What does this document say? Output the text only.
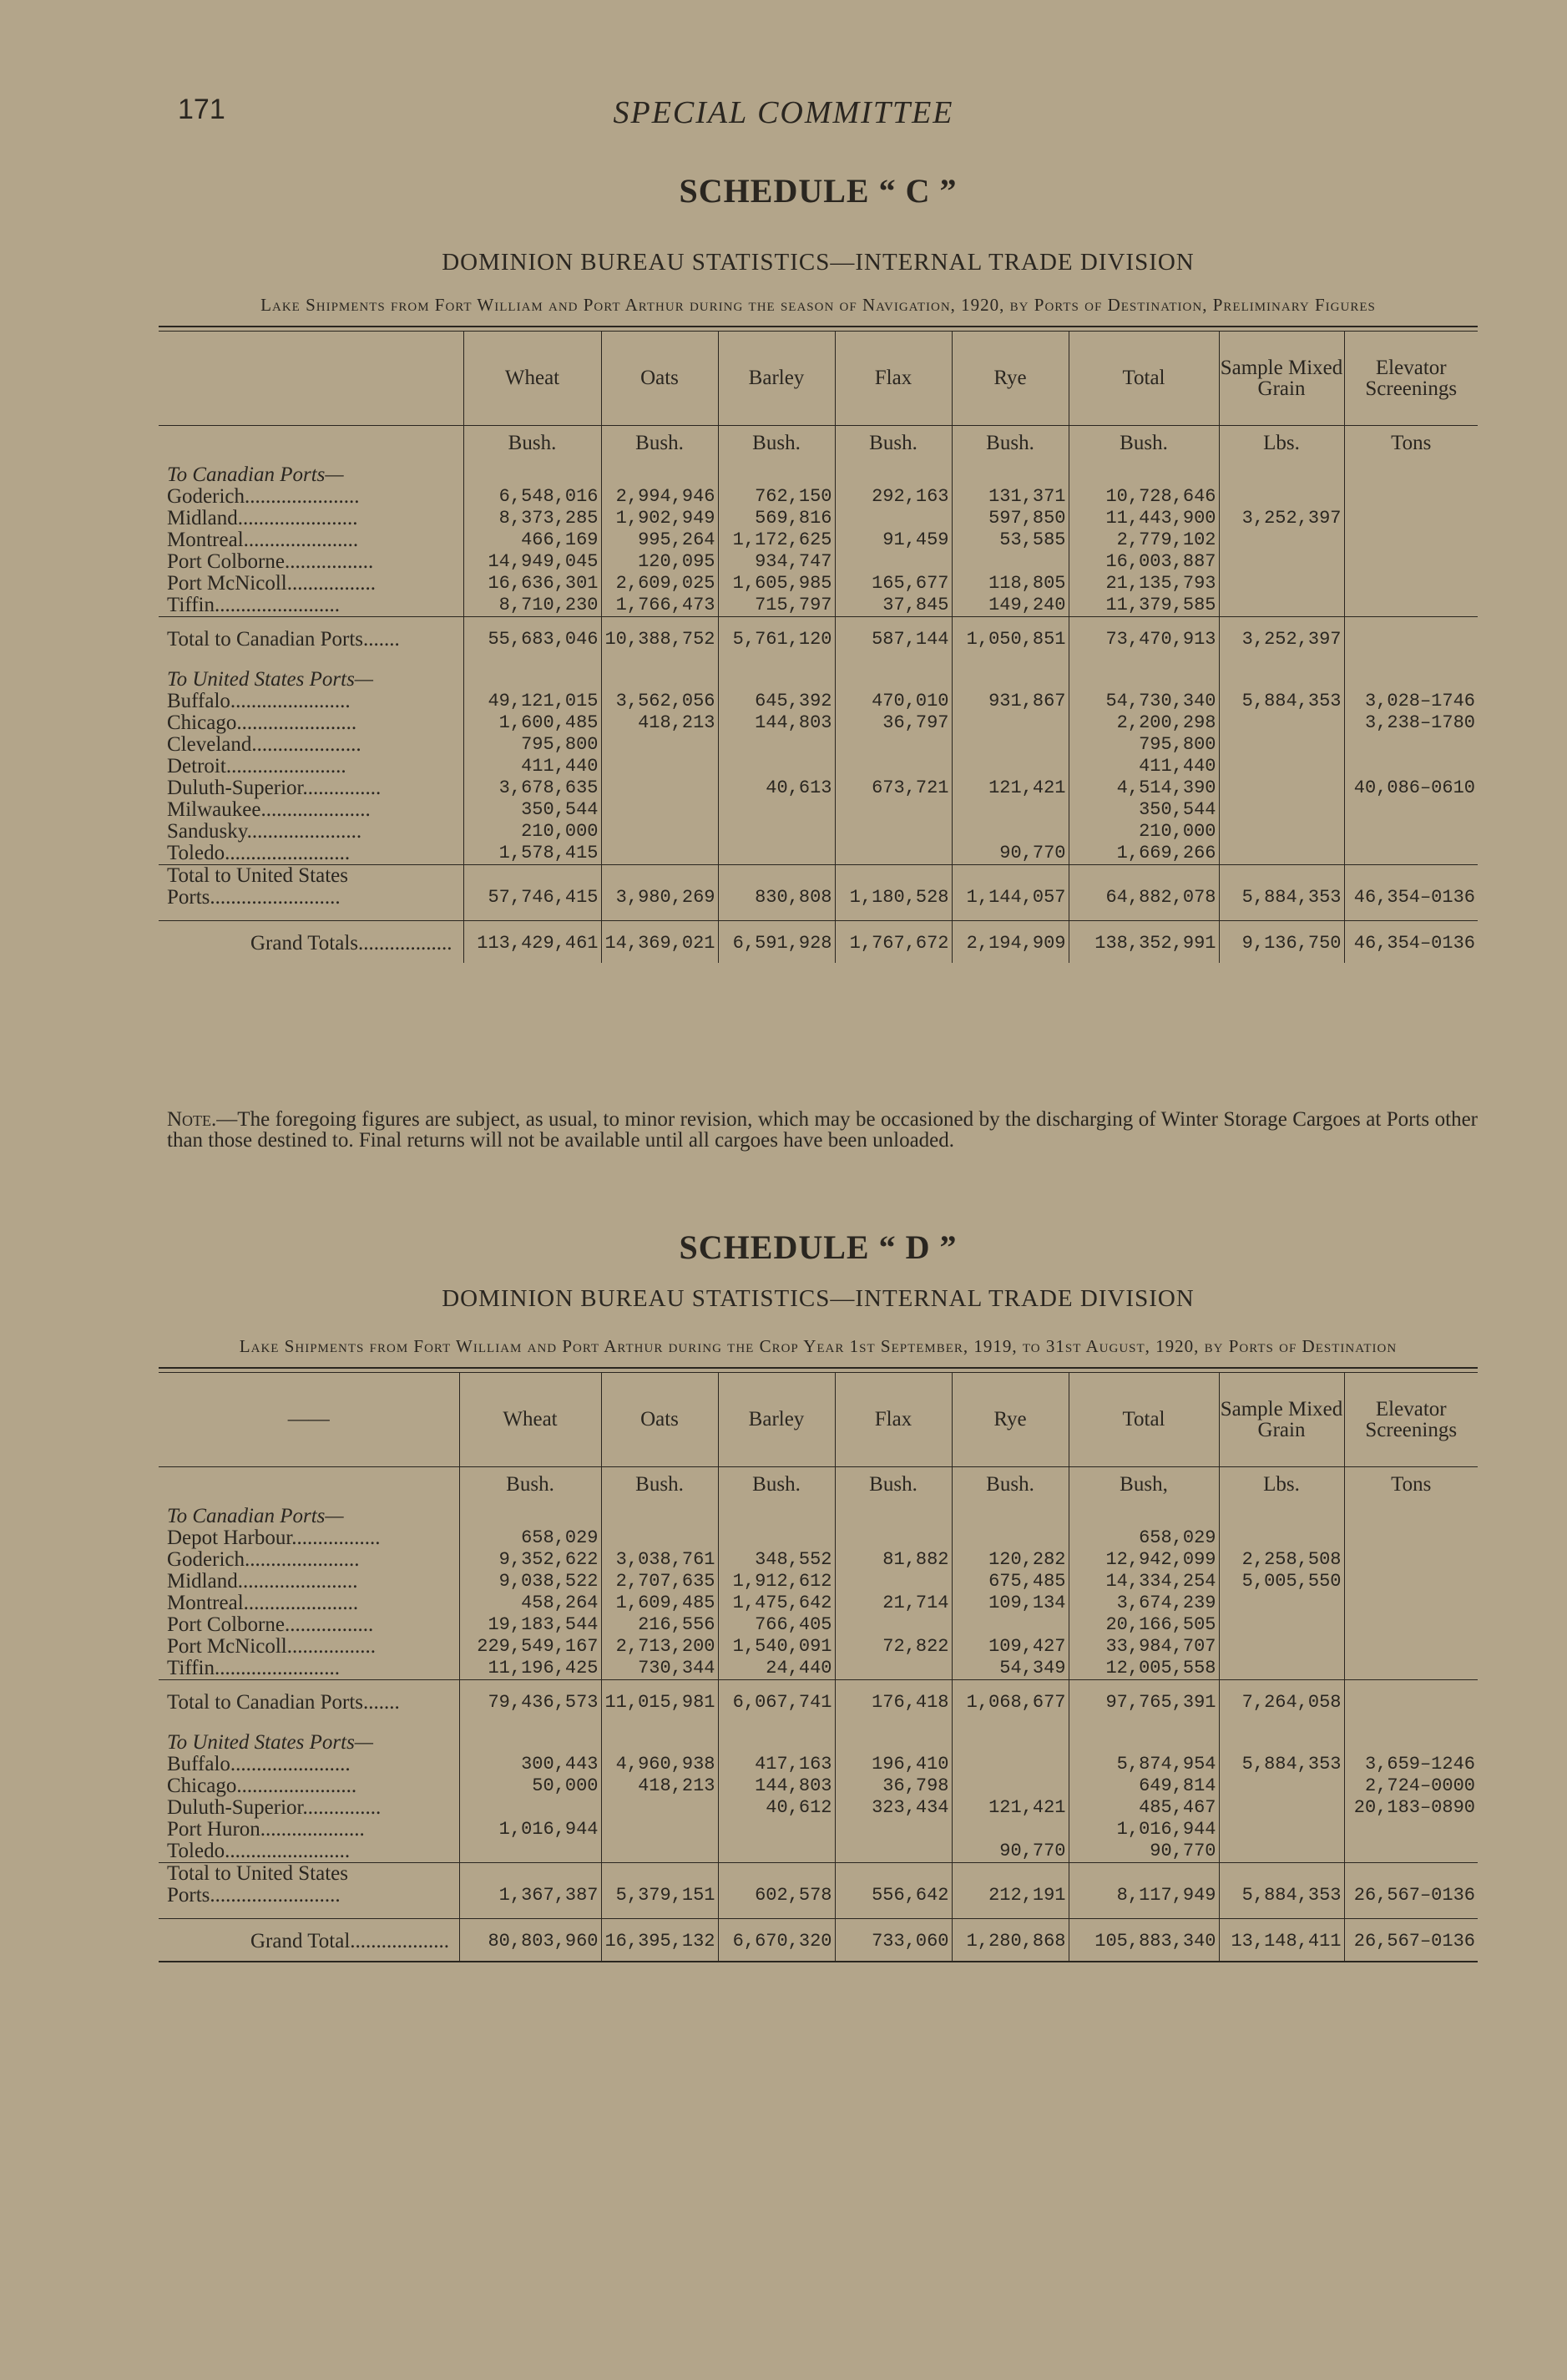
171	SPECIAL COMMITTEE
SCHEDULE “ C ”
DOMINION BUREAU STATISTICS—INTERNAL TRADE DIVISION
Lake Shipments from Fort William and Port Arthur during the season of Navigation, 1920, by Ports of Destination, Preliminary Figures
	Wheat	Oats	Barley	Flax	Rye	Total	Sample Mixed Grain	Elevator Screenings
	Bush.	Bush.	Bush.	Bush.	Bush.	Bush.	Lbs.	Tons
To Canadian Ports—								
Goderich......................	6,548,016	2,994,946	762,150	292,163	131,371	10,728,646		
Midland.......................	8,373,285	1,902,949	569,816		597,850	11,443,900	3,252,397	
Montreal......................	466,169	995,264	1,172,625	91,459	53,585	2,779,102		
Port Colborne.................	14,949,045	120,095	934,747			16,003,887		
Port McNicoll.................	16,636,301	2,609,025	1,605,985	165,677	118,805	21,135,793		
Tiffin........................	8,710,230	1,766,473	715,797	37,845	149,240	11,379,585		
Total to Canadian Ports.......	55,683,046	10,388,752	5,761,120	587,144	1,050,851	73,470,913	3,252,397	
To United States Ports—								
Buffalo.......................	49,121,015	3,562,056	645,392	470,010	931,867	54,730,340	5,884,353	3,028–1746
Chicago.......................	1,600,485	418,213	144,803	36,797		2,200,298		3,238–1780
Cleveland.....................	795,800					795,800		
Detroit.......................	411,440					411,440		
Duluth-Superior...............	3,678,635		40,613	673,721	121,421	4,514,390		40,086–0610
Milwaukee.....................	350,544					350,544		
Sandusky......................	210,000					210,000		
Toledo........................	1,578,415				90,770	1,669,266		
Total to United States								
Ports.........................	57,746,415	3,980,269	830,808	1,180,528	1,144,057	64,882,078	5,884,353	46,354–0136
Grand Totals..................	113,429,461	14,369,021	6,591,928	1,767,672	2,194,909	138,352,991	9,136,750	46,354–0136
Note.—The foregoing figures are subject, as usual, to minor revision, which may be occasioned by the discharging of Winter Storage Cargoes at Ports other than those destined to. Final returns will not be available until all cargoes have been unloaded.
SCHEDULE “ D ”
DOMINION BUREAU STATISTICS—INTERNAL TRADE DIVISION
Lake Shipments from Fort William and Port Arthur during the Crop Year 1st September, 1919, to 31st August, 1920, by Ports of Destination
——	Wheat	Oats	Barley	Flax	Rye	Total	Sample Mixed Grain	Elevator Screenings
	Bush.	Bush.	Bush.	Bush.	Bush.	Bush,	Lbs.	Tons
To Canadian Ports—								
Depot Harbour.................	658,029					658,029		
Goderich......................	9,352,622	3,038,761	348,552	81,882	120,282	12,942,099	2,258,508	
Midland.......................	9,038,522	2,707,635	1,912,612		675,485	14,334,254	5,005,550	
Montreal......................	458,264	1,609,485	1,475,642	21,714	109,134	3,674,239		
Port Colborne.................	19,183,544	216,556	766,405			20,166,505		
Port McNicoll.................	229,549,167	2,713,200	1,540,091	72,822	109,427	33,984,707		
Tiffin........................	11,196,425	730,344	24,440		54,349	12,005,558		
Total to Canadian Ports.......	79,436,573	11,015,981	6,067,741	176,418	1,068,677	97,765,391	7,264,058	
To United States Ports—								
Buffalo.......................	300,443	4,960,938	417,163	196,410		5,874,954	5,884,353	3,659–1246
Chicago.......................	50,000	418,213	144,803	36,798		649,814		2,724–0000
Duluth-Superior...............			40,612	323,434	121,421	485,467		20,183–0890
Port Huron....................	1,016,944					1,016,944		
Toledo........................					90,770	90,770		
Total to United States								
Ports.........................	1,367,387	5,379,151	602,578	556,642	212,191	8,117,949	5,884,353	26,567–0136
Grand Total...................	80,803,960	16,395,132	6,670,320	733,060	1,280,868	105,883,340	13,148,411	26,567–0136
